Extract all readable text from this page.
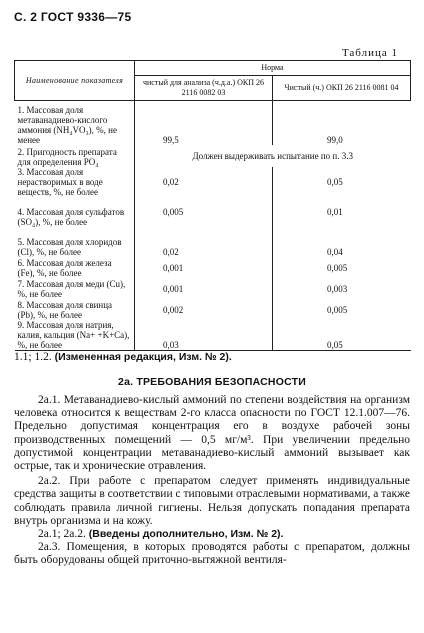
С. 2 ГОСТ 9336—75
Таблица 1
Наименование показателя	Норма	
	чистый для анализа (ч.д.а.) ОКП 26 2116 0082 03	Чистый (ч.) ОКП 26 2116 0081 04

1. Массовая доля метаванадиево-кислого аммония (NH₄VO₃), %, не менее	99,5	99,0

2. Пригодность препарата для определения PO₄	Должен выдерживать испытание по п. 3.3	

3. Массовая доля нерастворимых в воде веществ, %, не более	0,02	0,05

4. Массовая доля сульфатов (SO₄), %, не более	0,005	0,01

5. Массовая доля хлоридов (Cl), %, не более	0,02	0,04

6. Массовая доля железа (Fe), %, не более	0,001	0,005

7. Массовая доля меди (Cu), %, не более	0,001	0,003

8. Массовая доля свинца (Pb), %, не более	0,002	0,005

9. Массовая доля натрия, калия, кальция (Na+ +K+Ca), %, не более	0,03	0,05
1.1; 1.2. (Измененная редакция, Изм. № 2).
2а. ТРЕБОВАНИЯ БЕЗОПАСНОСТИ

2а.1. Метаванадиево-кислый аммоний по степени воздействия на организм человека относится к веществам 2-го класса опасности по ГОСТ 12.1.007—76. Предельно допустимая концентрация его в воздухе рабочей зоны производственных помещений — 0,5 мг/м³. При увеличении предельно допустимой концентрации метаванадиево-кислый аммоний вызывает как острые, так и хронические отравления.

2а.2. При работе с препаратом следует применять индивидуальные средства защиты в соответствии с типовыми отраслевыми нормативами, а также соблюдать правила личной гигиены. Нельзя допускать попадания препарата внутрь организма и на кожу.

2а.1; 2а.2. (Введены дополнительно, Изм. № 2).

2а.3. Помещения, в которых проводятся работы с препаратом, должны быть оборудованы общей приточно-вытяжной вентиля-
